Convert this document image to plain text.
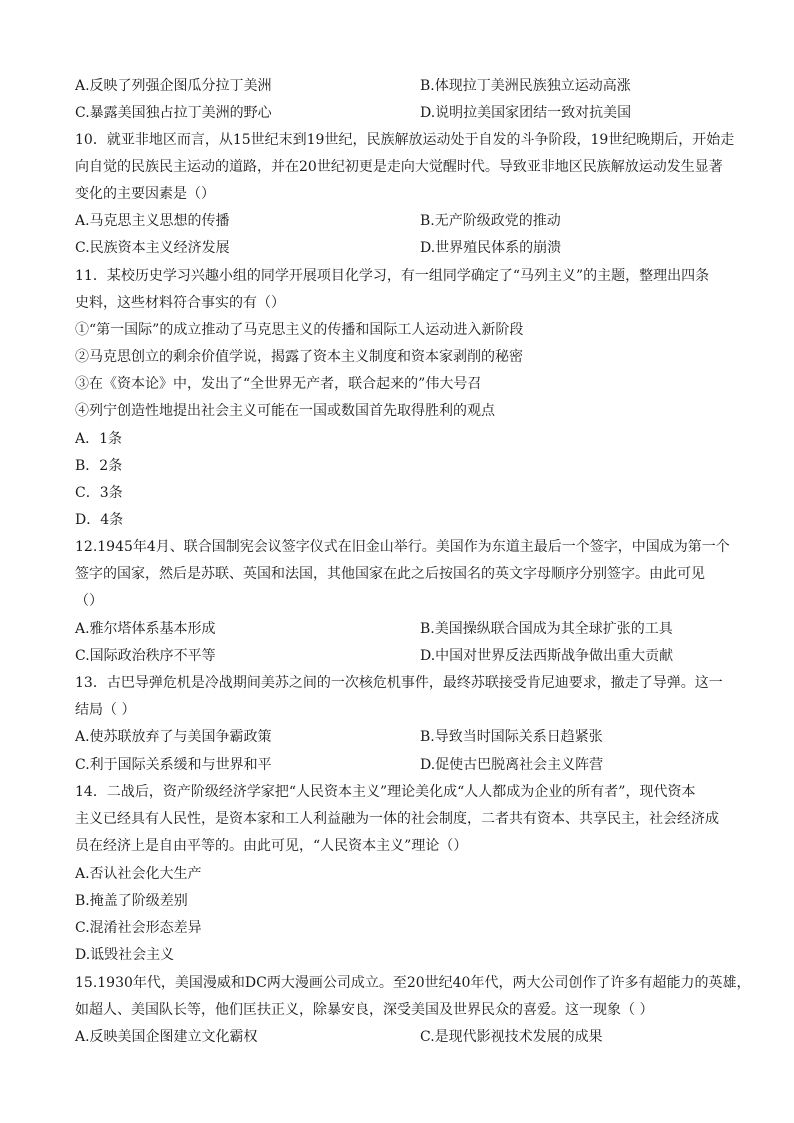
A.反映了列强企图瓜分拉丁美洲	B.体现拉丁美洲民族独立运动高涨
C.暴露美国独占拉丁美洲的野心	D.说明拉美国家团结一致对抗美国
10．就亚非地区而言，从15世纪末到19世纪，民族解放运动处于自发的斗争阶段，19世纪晚期后，开始走
向自觉的民族民主运动的道路，并在20世纪初更是走向大觉醒时代。导致亚非地区民族解放运动发生显著
变化的主要因素是（）
A.马克思主义思想的传播	B.无产阶级政党的推动
C.民族资本主义经济发展	D.世界殖民体系的崩溃
11．某校历史学习兴趣小组的同学开展项目化学习，有一组同学确定了“马列主义”的主题，整理出四条
史料，这些材料符合事实的有（）
①“第一国际”的成立推动了马克思主义的传播和国际工人运动进入新阶段
②马克思创立的剩余价值学说，揭露了资本主义制度和资本家剥削的秘密
③在《资本论》中，发出了“全世界无产者，联合起来的”伟大号召
④列宁创造性地提出社会主义可能在一国或数国首先取得胜利的观点
A．1条
B．2条
C．3条
D．4条
12.1945年4月、联合国制宪会议签字仪式在旧金山举行。美国作为东道主最后一个签字，中国成为第一个
签字的国家，然后是苏联、英国和法国，其他国家在此之后按国名的英文字母顺序分别签字。由此可见
（）
A.雅尔塔体系基本形成	B.美国操纵联合国成为其全球扩张的工具
C.国际政治秩序不平等	D.中国对世界反法西斯战争做出重大贡献
13．古巴导弹危机是冷战期间美苏之间的一次核危机事件，最终苏联接受肯尼迪要求，撤走了导弹。这一
结局（ ）
A.使苏联放弃了与美国争霸政策	B.导致当时国际关系日趋紧张
C.利于国际关系缓和与世界和平	D.促使古巴脱离社会主义阵营
14．二战后，资产阶级经济学家把“人民资本主义”理论美化成“人人都成为企业的所有者”，现代资本
主义已经具有人民性，是资本家和工人利益融为一体的社会制度，二者共有资本、共享民主，社会经济成
员在经济上是自由平等的。由此可见，“人民资本主义”理论（）
A.否认社会化大生产
B.掩盖了阶级差别
C.混淆社会形态差异
D.诋毁社会主义
15.1930年代，美国漫威和DC两大漫画公司成立。至20世纪40年代，两大公司创作了许多有超能力的英雄，
如超人、美国队长等，他们匡扶正义，除暴安良，深受美国及世界民众的喜爱。这一现象（ ）
A.反映美国企图建立文化霸权	C.是现代影视技术发展的成果
